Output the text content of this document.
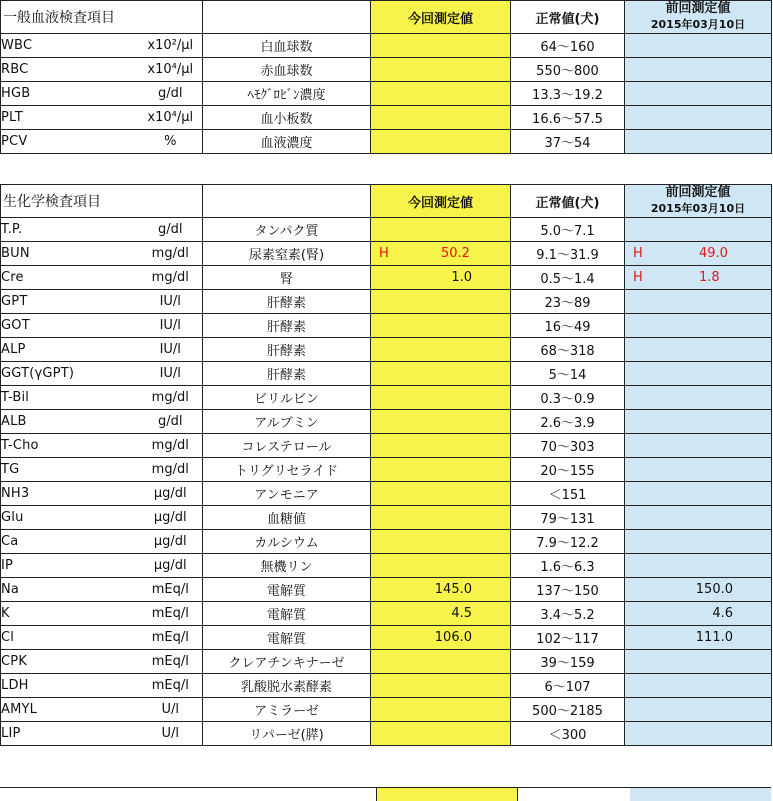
一般血液検査項目			今回測定値	正常値(犬)	前回測定値
2015年03月10日

WBC	x10²/μl	白血球数		64〜160	

RBC	x10⁴/μl	赤血球数		550〜800	

HGB	g/dl	ﾍﾓｸﾞﾛﾋﾞﾝ濃度		13.3〜19.2	

PLT	x10⁴/μl	血小板数		16.6〜57.5	

PCV	%	血液濃度		37〜54	
生化学検査項目			今回測定値	正常値(犬)	前回測定値
2015年03月10日

T.P.	g/dl	タンパク質		5.0〜7.1	

BUN	mg/dl	尿素窒素(腎)	H 50.2	9.1〜31.9	H 49.0

Cre	mg/dl	腎	1.0	0.5〜1.4	H 1.8

GPT	IU/l	肝酵素		23〜89	

GOT	IU/l	肝酵素		16〜49	

ALP	IU/l	肝酵素		68〜318	

GGT(γGPT)	IU/l	肝酵素		5〜14	

T-Bil	mg/dl	ビリルビン		0.3〜0.9	

ALB	g/dl	アルブミン		2.6〜3.9	

T-Cho	mg/dl	コレステロール		70〜303	

TG	mg/dl	トリグリセライド		20〜155	

NH3	μg/dl	アンモニア		＜151	

Glu	μg/dl	血糖値		79〜131	

Ca	μg/dl	カルシウム		7.9〜12.2	

IP	μg/dl	無機リン		1.6〜6.3	

Na	mEq/l	電解質	145.0	137〜150	150.0

K	mEq/l	電解質	4.5	3.4〜5.2	4.6

Cl	mEq/l	電解質	106.0	102〜117	111.0

CPK	mEq/l	クレアチンキナーゼ		39〜159	

LDH	mEq/l	乳酸脱水素酵素		6〜107	

AMYL	U/l	アミラーゼ		500〜2185	

LIP	U/l	リパーゼ(膵)		＜300	
